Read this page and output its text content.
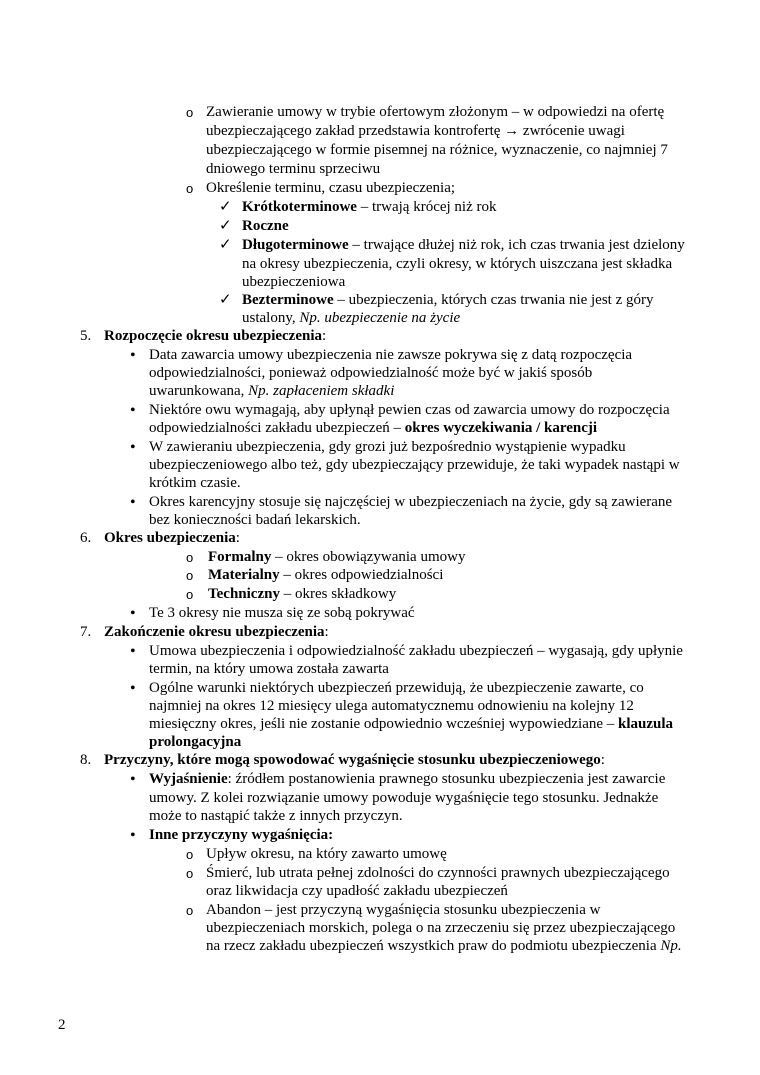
o Zawieranie umowy w trybie ofertowym złożonym – w odpowiedzi na ofertę
ubezpieczającego zakład przedstawia kontrofertę → zwrócenie uwagi
ubezpieczającego w formie pisemnej na różnice, wyznaczenie, co najmniej 7
dniowego terminu sprzeciwu
o Określenie terminu, czasu ubezpieczenia;
✓ Krótkoterminowe – trwają krócej niż rok
✓ Roczne
✓ Długoterminowe – trwające dłużej niż rok, ich czas trwania jest dzielony
na okresy ubezpieczenia, czyli okresy, w których uiszczana jest składka
ubezpieczeniowa
✓ Bezterminowe – ubezpieczenia, których czas trwania nie jest z góry
ustalony, Np. ubezpieczenie na życie
5. Rozpoczęcie okresu ubezpieczenia:
• Data zawarcia umowy ubezpieczenia nie zawsze pokrywa się z datą rozpoczęcia
odpowiedzialności, ponieważ odpowiedzialność może być w jakiś sposób
uwarunkowana, Np. zapłaceniem składki
• Niektóre owu wymagają, aby upłynął pewien czas od zawarcia umowy do rozpoczęcia
odpowiedzialności zakładu ubezpieczeń – okres wyczekiwania / karencji
• W zawieraniu ubezpieczenia, gdy grozi już bezpośrednio wystąpienie wypadku
ubezpieczeniowego albo też, gdy ubezpieczający przewiduje, że taki wypadek nastąpi w
krótkim czasie.
• Okres karencyjny stosuje się najczęściej w ubezpieczeniach na życie, gdy są zawierane
bez konieczności badań lekarskich.
6. Okres ubezpieczenia:
o Formalny – okres obowiązywania umowy
o Materialny – okres odpowiedzialności
o Techniczny – okres składkowy
• Te 3 okresy nie musza się ze sobą pokrywać
7. Zakończenie okresu ubezpieczenia:
• Umowa ubezpieczenia i odpowiedzialność zakładu ubezpieczeń – wygasają, gdy upłynie
termin, na który umowa została zawarta
• Ogólne warunki niektórych ubezpieczeń przewidują, że ubezpieczenie zawarte, co
najmniej na okres 12 miesięcy ulega automatycznemu odnowieniu na kolejny 12
miesięczny okres, jeśli nie zostanie odpowiednio wcześniej wypowiedziane – klauzula
prolongacyjna
8. Przyczyny, które mogą spowodować wygaśnięcie stosunku ubezpieczeniowego:
• Wyjaśnienie: źródłem postanowienia prawnego stosunku ubezpieczenia jest zawarcie
umowy. Z kolei rozwiązanie umowy powoduje wygaśnięcie tego stosunku. Jednakże
może to nastąpić także z innych przyczyn.
• Inne przyczyny wygaśnięcia:
o Upływ okresu, na który zawarto umowę
o Śmierć, lub utrata pełnej zdolności do czynności prawnych ubezpieczającego
oraz likwidacja czy upadłość zakładu ubezpieczeń
o Abandon – jest przyczyną wygaśnięcia stosunku ubezpieczenia w
ubezpieczeniach morskich, polega o na zrzeczeniu się przez ubezpieczającego
na rzecz zakładu ubezpieczeń wszystkich praw do podmiotu ubezpieczenia Np.
2
